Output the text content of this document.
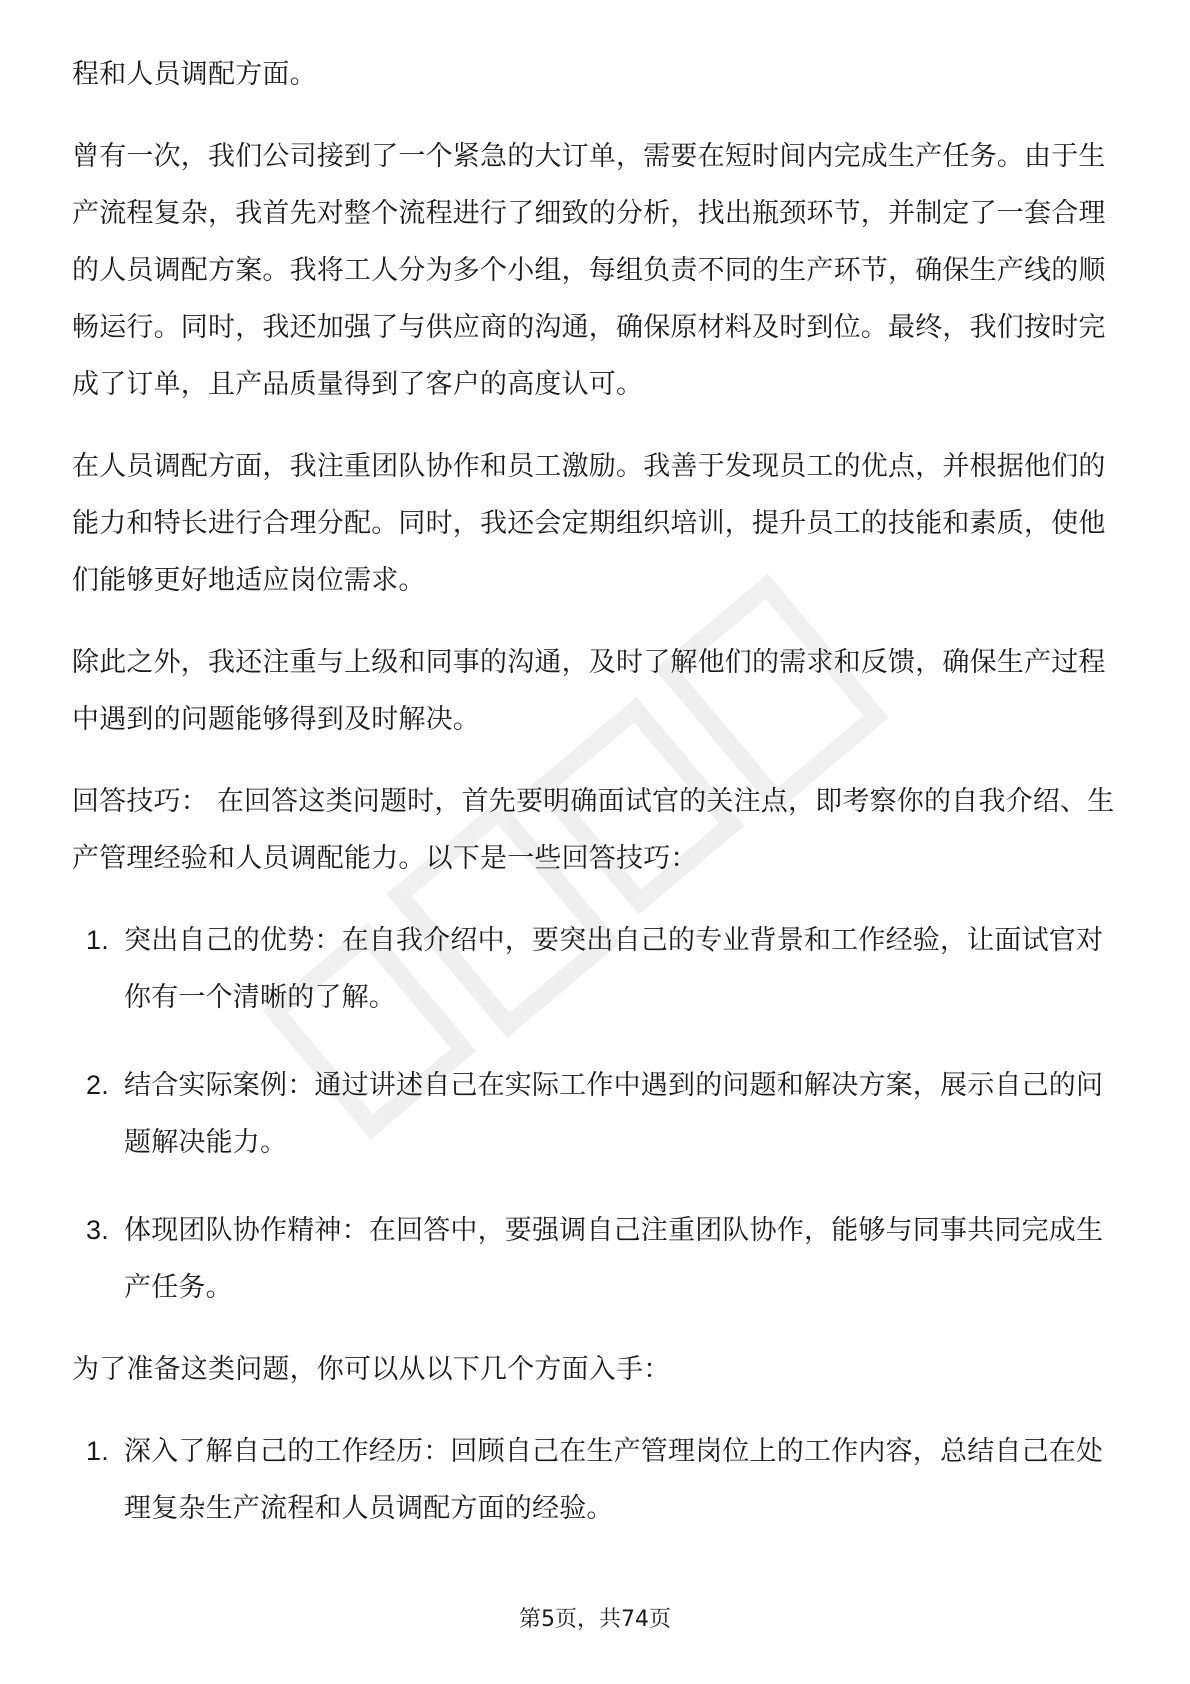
程和人员调配方面。

曾有一次，我们公司接到了一个紧急的大订单，需要在短时间内完成生产任务。由于生产流程复杂，我首先对整个流程进行了细致的分析，找出瓶颈环节，并制定了一套合理的人员调配方案。我将工人分为多个小组，每组负责不同的生产环节，确保生产线的顺畅运行。同时，我还加强了与供应商的沟通，确保原材料及时到位。最终，我们按时完成了订单，且产品质量得到了客户的高度认可。

在人员调配方面，我注重团队协作和员工激励。我善于发现员工的优点，并根据他们的能力和特长进行合理分配。同时，我还会定期组织培训，提升员工的技能和素质，使他们能够更好地适应岗位需求。

除此之外，我还注重与上级和同事的沟通，及时了解他们的需求和反馈，确保生产过程中遇到的问题能够得到及时解决。

回答技巧： 在回答这类问题时，首先要明确面试官的关注点，即考察你的自我介绍、生产管理经验和人员调配能力。以下是一些回答技巧：

1. 突出自己的优势：在自我介绍中，要突出自己的专业背景和工作经验，让面试官对你有一个清晰的了解。
2. 结合实际案例：通过讲述自己在实际工作中遇到的问题和解决方案，展示自己的问题解决能力。
3. 体现团队协作精神：在回答中，要强调自己注重团队协作，能够与同事共同完成生产任务。

为了准备这类问题，你可以从以下几个方面入手：

1. 深入了解自己的工作经历：回顾自己在生产管理岗位上的工作内容，总结自己在处理复杂生产流程和人员调配方面的经验。
第5页，共74页
